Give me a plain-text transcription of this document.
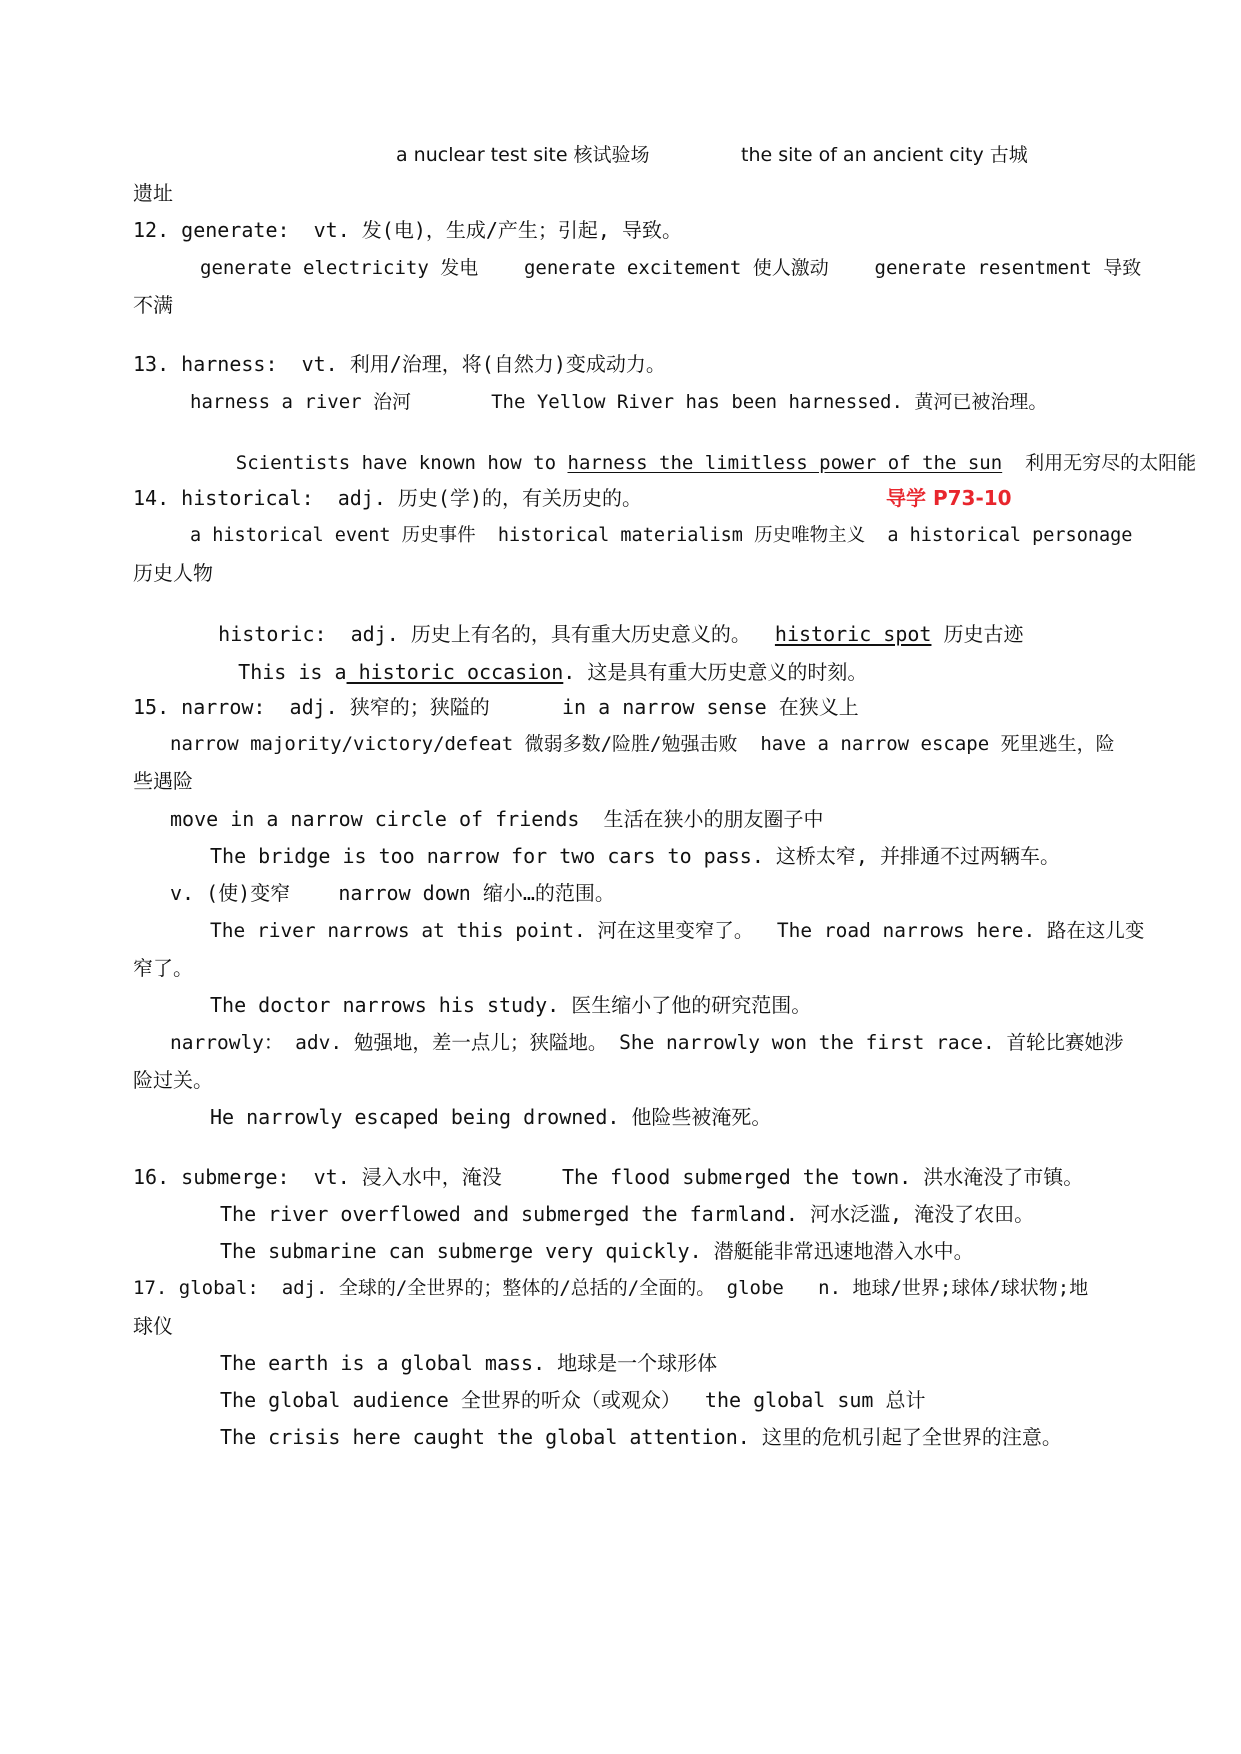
a nuclear test site 核试验场	the site of an ancient city 古城
遗址
12. generate:  vt. 发(电)，生成/产生；引起, 导致。
generate electricity 发电    generate excitement 使人激动    generate resentment 导致
不满
13. harness:  vt. 利用/治理，将(自然力)变成动力。
harness a river 治河       The Yellow River has been harnessed. 黄河已被治理。

Scientists have known how to harness the limitless power of the sun  利用无穷尽的太阳能

14. historical:  adj. 历史(学)的，有关历史的。	导学 P73-10
a historical event 历史事件  historical materialism 历史唯物主义  a historical personage
历史人物

historic:  adj. 历史上有名的，具有重大历史意义的。  historic spot 历史古迹

This is a historic occasion. 这是具有重大历史意义的时刻。

15. narrow:  adj. 狭窄的；狭隘的      in a narrow sense 在狭义上
narrow majority/victory/defeat 微弱多数/险胜/勉强击败  have a narrow escape 死里逃生，险
些遇险
move in a narrow circle of friends  生活在狭小的朋友圈子中
The bridge is too narrow for two cars to pass. 这桥太窄, 并排通不过两辆车。
v. (使)变窄    narrow down 缩小…的范围。
The river narrows at this point. 河在这里变窄了。  The road narrows here. 路在这儿变
窄了。
The doctor narrows his study. 医生缩小了他的研究范围。
narrowly： adv. 勉强地，差一点儿；狭隘地。 She narrowly won the first race. 首轮比赛她涉
险过关。
He narrowly escaped being drowned. 他险些被淹死。
16. submerge:  vt. 浸入水中，淹没     The flood submerged the town. 洪水淹没了市镇。
The river overflowed and submerged the farmland. 河水泛滥, 淹没了农田。
The submarine can submerge very quickly. 潜艇能非常迅速地潜入水中。
17. global:  adj. 全球的/全世界的；整体的/总括的/全面的。 globe   n. 地球/世界;球体/球状物;地
球仪
The earth is a global mass. 地球是一个球形体
The global audience 全世界的听众（或观众）  the global sum 总计
The crisis here caught the global attention. 这里的危机引起了全世界的注意。
